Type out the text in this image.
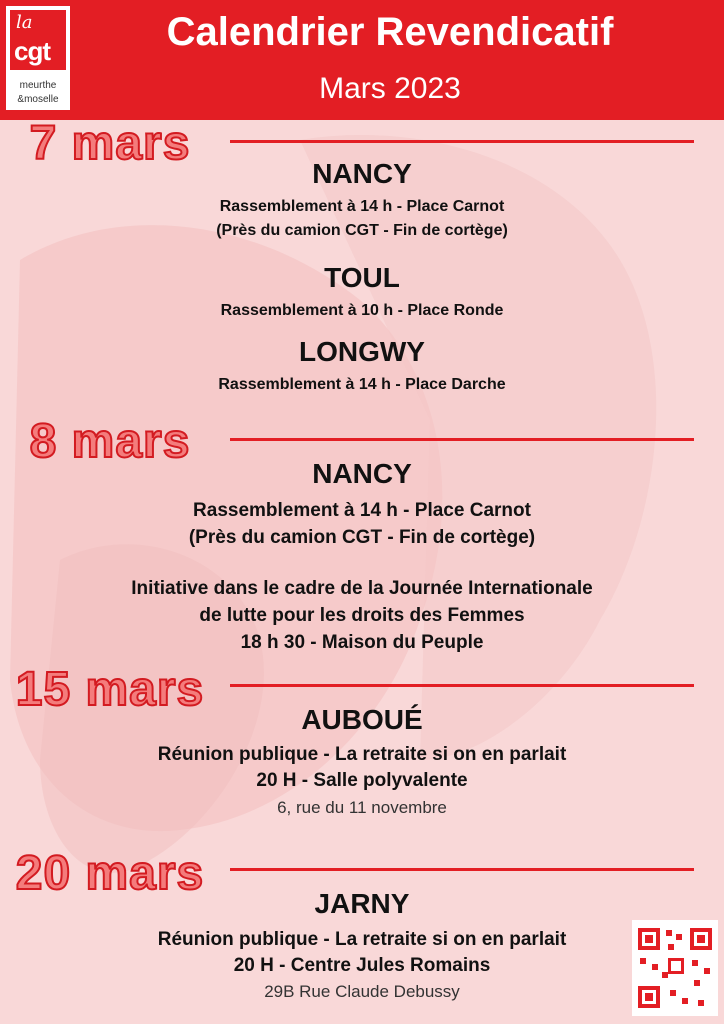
la
cgt
meurthe
&moselle
Calendrier Revendicatif
Mars 2023
7 mars
NANCY
Rassemblement à 14 h - Place Carnot
(Près du camion CGT - Fin de cortège)
TOUL
Rassemblement à 10 h - Place Ronde
LONGWY
Rassemblement à 14 h - Place Darche
8 mars
NANCY
Rassemblement à 14 h - Place Carnot
(Près du camion CGT - Fin de cortège)
Initiative dans le cadre de la Journée Internationale
de lutte pour les droits des Femmes
18 h 30 - Maison du Peuple
15 mars
AUBOUÉ
Réunion publique - La retraite si on en parlait
20 H - Salle polyvalente
6, rue du 11 novembre
20 mars
JARNY
Réunion publique - La retraite si on en parlait
20 H - Centre Jules Romains
29B Rue Claude Debussy
